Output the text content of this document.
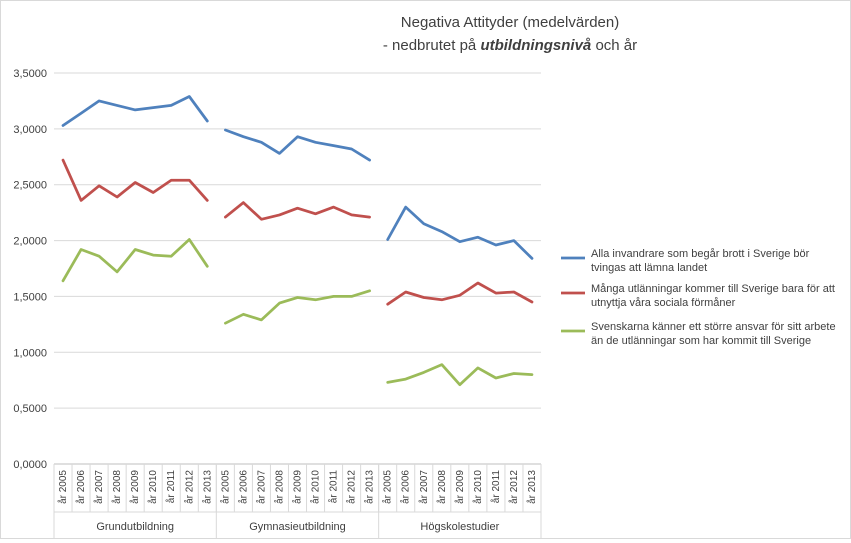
Negativa Attityder (medelvärden)
- nedbrutet på utbildningsnivå och år
0,0000
0,5000
1,0000
1,5000
2,0000
2,5000
3,0000
3,5000
år 2005 år 2006 år 2007 år 2008 år 2009 år 2010 år 2011 år 2012 år 2013
Grundutbildning
år 2005 år 2006 år 2007 år 2008 år 2009 år 2010 år 2011 år 2012 år 2013
Gymnasieutbildning
år 2005 år 2006 år 2007 år 2008 år 2009 år 2010 år 2011 år 2012 år 2013
Högskolestudier
Alla invandrare som begår brott i Sverige bör
tvingas att lämna landet
Många utlänningar kommer till Sverige bara för att
utnyttja våra sociala förmåner
Svenskarna känner ett större ansvar för sitt arbete
än de utlänningar som har kommit till Sverige
